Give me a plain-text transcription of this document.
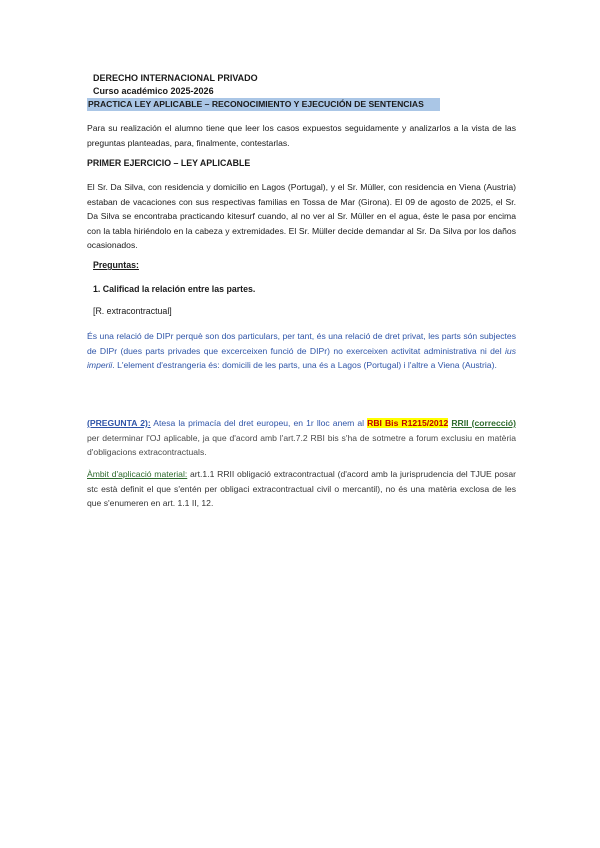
DERECHO INTERNACIONAL PRIVADO
Curso académico 2025-2026
PRACTICA LEY APLICABLE – RECONOCIMIENTO Y EJECUCIÓN DE SENTENCIAS
Para su realización el alumno tiene que leer los casos expuestos seguidamente y analizarlos a la vista de las preguntas planteadas, para, finalmente, contestarlas.
PRIMER EJERCICIO – LEY APLICABLE
El Sr. Da Silva, con residencia y domicilio en Lagos (Portugal), y el Sr. Müller, con residencia en Viena (Austria) estaban de vacaciones con sus respectivas familias en Tossa de Mar (Girona). El 09 de agosto de 2025, el Sr. Da Silva se encontraba practicando kitesurf cuando, al no ver al Sr. Müller en el agua, éste le pasa por encima con la tabla hiriéndolo en la cabeza y extremidades. El Sr. Müller decide demandar al Sr. Da Silva por los daños ocasionados.
Preguntas:
1. Calificad la relación entre las partes.
[R. extracontractual]
És una relació de DIPr perquè son dos particulars, per tant, és una relació de dret privat, les parts són subjectes de DIPr (dues parts privades que excerceixen funció de DIPr) no exerceixen activitat administrativa ni del ius imperii. L'element d'estrangeria és: domicili de les parts, una és a Lagos (Portugal) i l'altre a Viena (Austria).
(PREGUNTA 2): Atesa la primacía del dret europeu, en 1r lloc anem al RBI Bis R1215/2012 RRII (correcció) per determinar l'OJ aplicable, ja que d'acord amb l'art.7.2 RBI bis s'ha de sotmetre a forum exclusiu en matèria d'obligacions extracontractuals.
Àmbit d'aplicació material: art.1.1 RRII obligació extracontractual (d'acord amb la jurisprudencia del TJUE posar stc està definit el que s'entén per obligaci extracontractual civil o mercantil), no és una matèria exclosa de les que s'enumeren en art. 1.1 II, 12.
